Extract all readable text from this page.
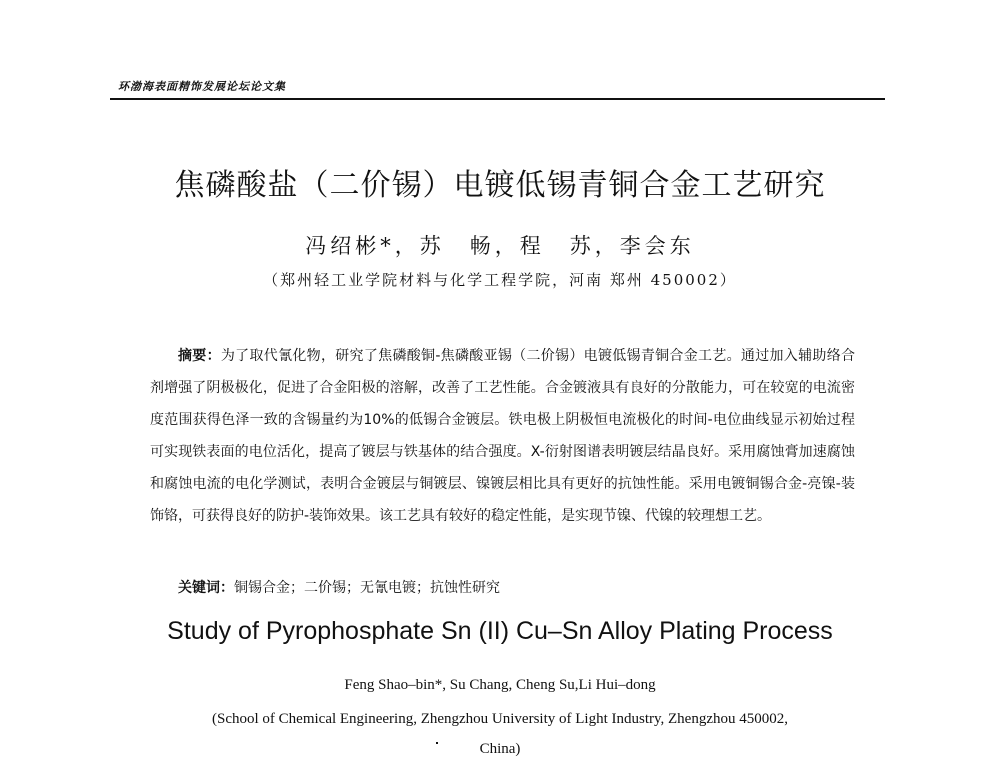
环渤海表面精饰发展论坛论文集
焦磷酸盐（二价锡）电镀低锡青铜合金工艺研究
冯绍彬*，苏　畅，程　苏，李会东
（郑州轻工业学院材料与化学工程学院，河南 郑州 450002）
摘要：为了取代氰化物，研究了焦磷酸铜-焦磷酸亚锡（二价锡）电镀低锡青铜合金工艺。通过加入辅助络合剂增强了阴极极化，促进了合金阳极的溶解，改善了工艺性能。合金镀液具有良好的分散能力，可在较宽的电流密度范围获得色泽一致的含锡量约为10%的低锡合金镀层。铁电极上阴极恒电流极化的时间-电位曲线显示初始过程可实现铁表面的电位活化，提高了镀层与铁基体的结合强度。X-衍射图谱表明镀层结晶良好。采用腐蚀膏加速腐蚀和腐蚀电流的电化学测试，表明合金镀层与铜镀层、镍镀层相比具有更好的抗蚀性能。采用电镀铜锡合金-亮镍-装饰铬，可获得良好的防护-装饰效果。该工艺具有较好的稳定性能，是实现节镍、代镍的较理想工艺。
关键词：铜锡合金；二价锡；无氰电镀；抗蚀性研究
Study of Pyrophosphate Sn (II) Cu–Sn Alloy Plating Process
Feng Shao–bin*, Su Chang, Cheng Su,Li Hui–dong
(School of Chemical Engineering, Zhengzhou University of Light Industry, Zhengzhou 450002,
China)
